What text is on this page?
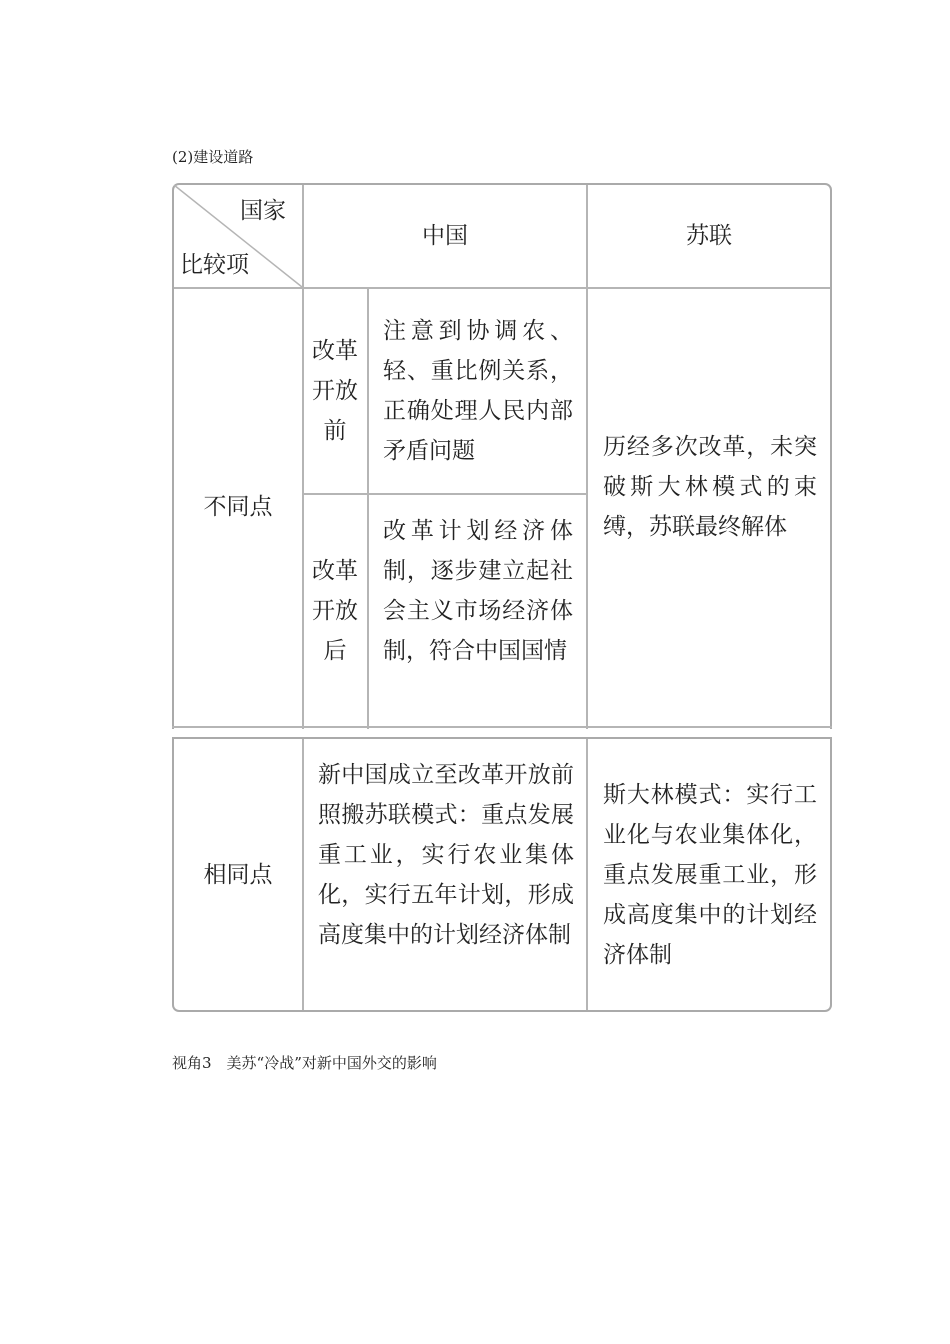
(2)建设道路
国家
比较项
中国	苏联
不同点
改革开放前
改革开放后
注意到协调农、轻、重比例关系，正确处理人民内部矛盾问题
改革计划经济体制，逐步建立起社会主义市场经济体制，符合中国国情
历经多次改革，未突破斯大林模式的束缚，苏联最终解体
相同点
新中国成立至改革开放前照搬苏联模式：重点发展重工业，实行农业集体化，实行五年计划，形成高度集中的计划经济体制
斯大林模式：实行工业化与农业集体化，重点发展重工业，形成高度集中的计划经济体制
视角3　美苏“冷战”对新中国外交的影响
